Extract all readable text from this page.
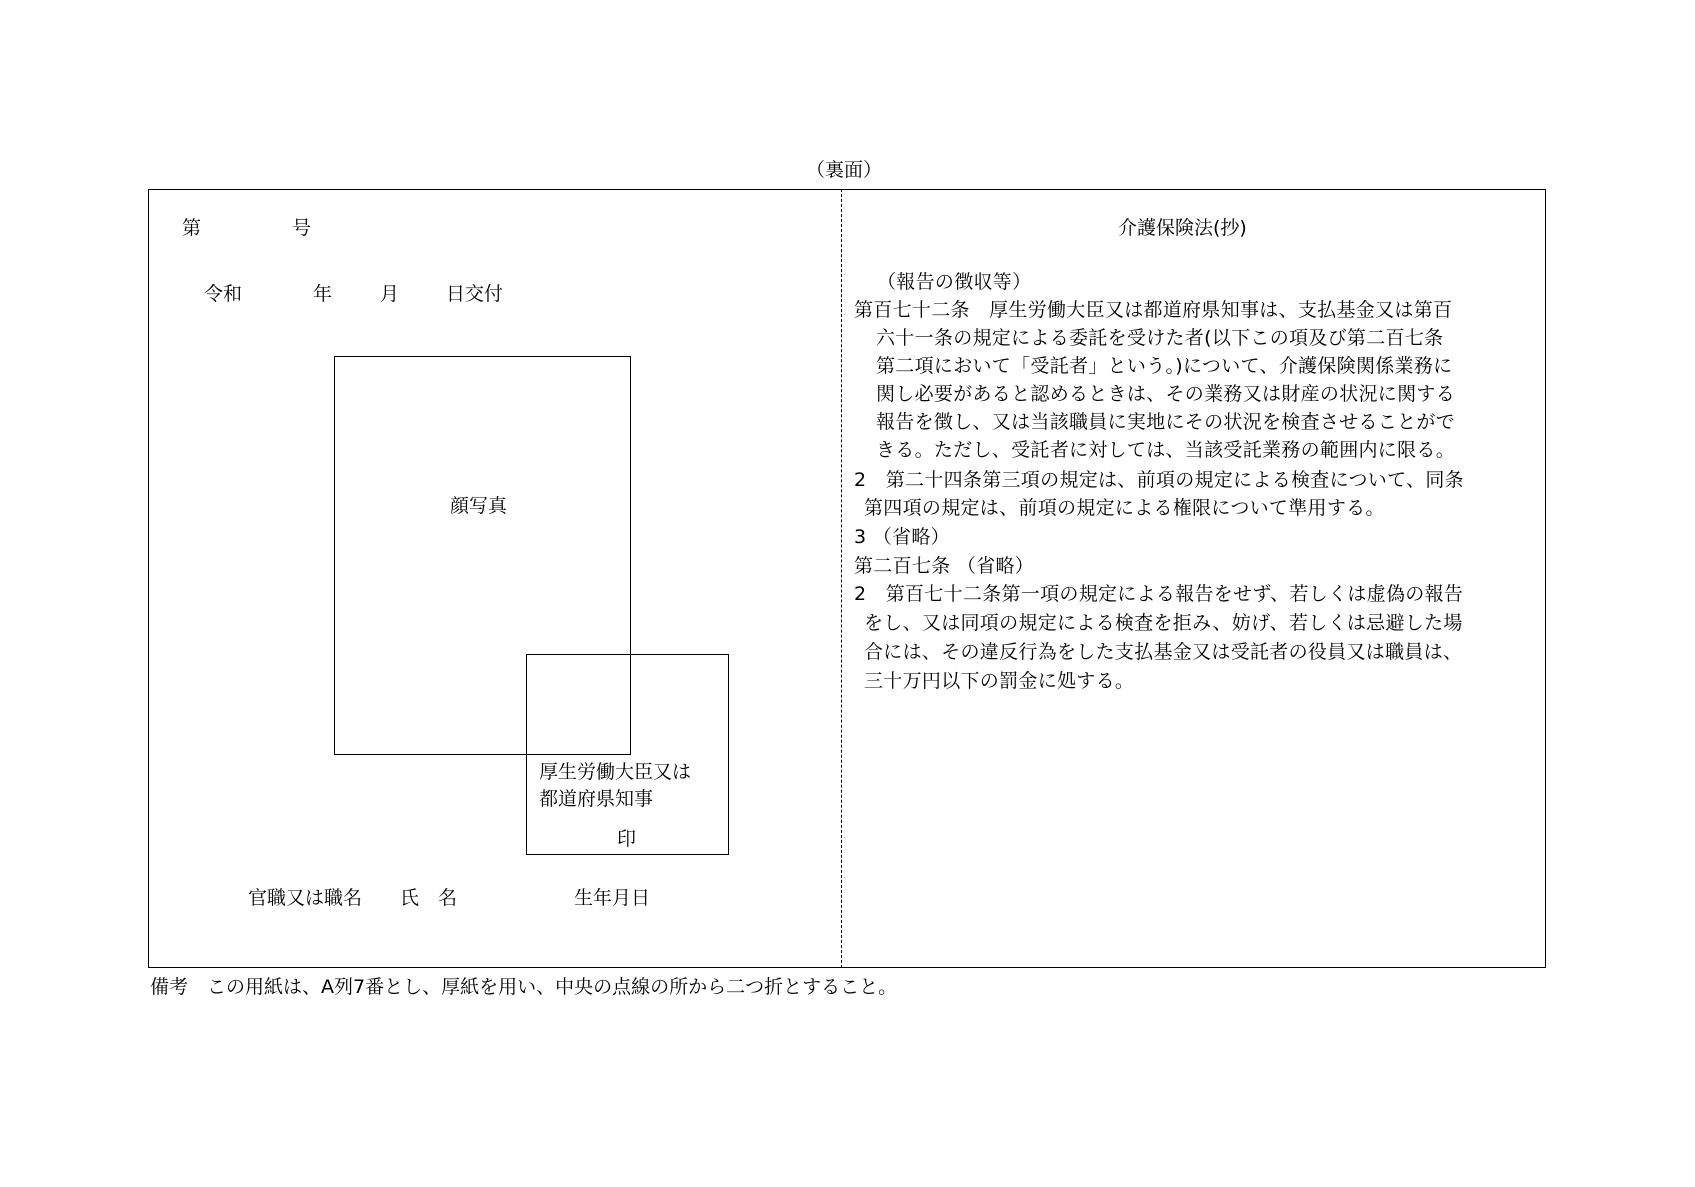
（裏面）
第	号
令和	年	月 日交付
顔写真
厚生労働大臣又は
都道府県知事
印
官職又は職名 氏　名	生年月日
介護保険法(抄)
（報告の徴収等）
第百七十二条　厚生労働大臣又は都道府県知事は、支払基金又は第百
六十一条の規定による委託を受けた者(以下この項及び第二百七条
第二項において「受託者」という。)について、介護保険関係業務に
関し必要があると認めるときは、その業務又は財産の状況に関する
報告を徴し、又は当該職員に実地にその状況を検査させることがで
きる。ただし、受託者に対しては、当該受託業務の範囲内に限る。
2　第二十四条第三項の規定は、前項の規定による検査について、同条
第四項の規定は、前項の規定による権限について準用する。
3 （省略）
第二百七条 （省略）
2　第百七十二条第一項の規定による報告をせず、若しくは虚偽の報告
をし、又は同項の規定による検査を拒み、妨げ、若しくは忌避した場
合には、その違反行為をした支払基金又は受託者の役員又は職員は、
三十万円以下の罰金に処する。
備考　この用紙は、A列7番とし、厚紙を用い、中央の点線の所から二つ折とすること。
